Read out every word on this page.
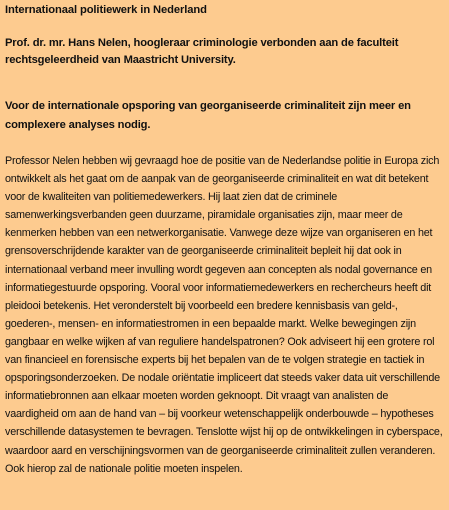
Internationaal politiewerk in Nederland

Prof. dr. mr. Hans Nelen, hoogleraar criminologie verbonden aan de faculteit rechtsgeleerdheid van Maastricht University.

Voor de internationale opsporing van georganiseerde criminaliteit zijn meer en complexere analyses nodig.

Professor Nelen hebben wij gevraagd hoe de positie van de Nederlandse politie in Europa zich ontwikkelt als het gaat om de aanpak van de georganiseerde criminaliteit en wat dit betekent voor de kwaliteiten van politiemedewerkers. Hij laat zien dat de criminele samenwerkingsverbanden geen duurzame, piramidale organisaties zijn, maar meer de kenmerken hebben van een netwerkorganisatie. Vanwege deze wijze van organiseren en het grensoverschrijdende karakter van de georganiseerde criminaliteit bepleit hij dat ook in internationaal verband meer invulling wordt gegeven aan concepten als nodal governance en informatiegestuurde opsporing. Vooral voor informatiemedewerkers en rechercheurs heeft dit pleidooi betekenis. Het veronderstelt bij voorbeeld een bredere kennisbasis van geld-, goederen-, mensen- en informatiestromen in een bepaalde markt. Welke bewegingen zijn gangbaar en welke wijken af van reguliere handelspatronen? Ook adviseert hij een grotere rol van financieel en forensische experts bij het bepalen van de te volgen strategie en tactiek in opsporingsonderzoeken. De nodale oriëntatie impliceert dat steeds vaker data uit verschillende informatiebronnen aan elkaar moeten worden geknoopt. Dit vraagt van analisten de vaardigheid om aan de hand van – bij voorkeur wetenschappelijk onderbouwde – hypotheses verschillende datasystemen te bevragen. Tenslotte wijst hij op de ontwikkelingen in cyberspace, waardoor aard en verschijningsvormen van de georganiseerde criminaliteit zullen veranderen. Ook hierop zal de nationale politie moeten inspelen.
